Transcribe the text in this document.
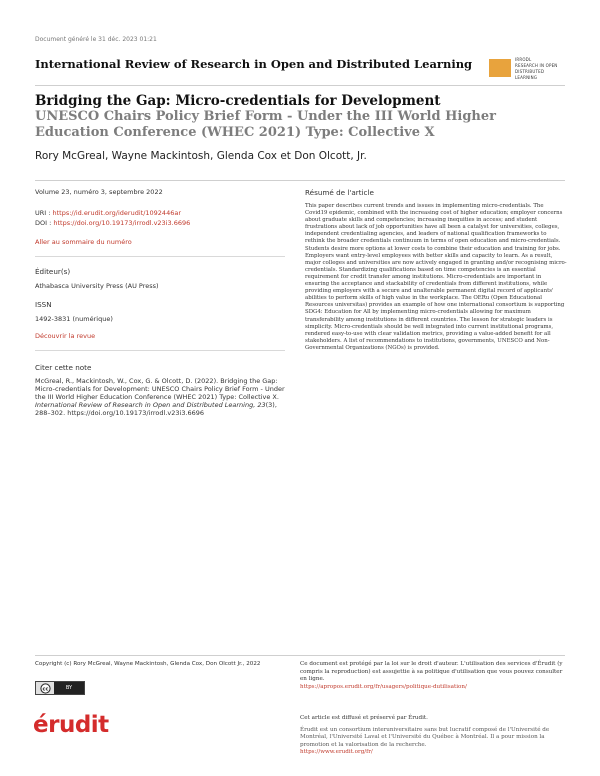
Document généré le 31 déc. 2023 01:21
International Review of Research in Open and Distributed Learning	IRRODL
RESEARCH IN OPEN
DISTRIBUTED
LEARNING
Bridging the Gap: Micro-credentials for Development
UNESCO Chairs Policy Brief Form - Under the III World Higher Education Conference (WHEC 2021) Type: Collective X
Rory McGreal, Wayne Mackintosh, Glenda Cox et Don Olcott, Jr.
Volume 23, numéro 3, septembre 2022
URI : https://id.erudit.org/iderudit/1092446ar
DOI : https://doi.org/10.19173/irrodl.v23i3.6696
Aller au sommaire du numéro
Éditeur(s)
Athabasca University Press (AU Press)
ISSN
1492-3831 (numérique)
Découvrir la revue
Citer cette note
McGreal, R., Mackintosh, W., Cox, G. & Olcott, D. (2022). Bridging the Gap: Micro-credentials for Development: UNESCO Chairs Policy Brief Form - Under the III World Higher Education Conference (WHEC 2021) Type: Collective X. International Review of Research in Open and Distributed Learning, 23(3), 288–302. https://doi.org/10.19173/irrodl.v23i3.6696
Résumé de l'article
This paper describes current trends and issues in implementing micro-credentials. The Covid19 epidemic, combined with the increasing cost of higher education; employer concerns about graduate skills and competencies; increasing inequities in access; and student frustrations about lack of job opportunities have all been a catalyst for universities, colleges, independent credentialing agencies, and leaders of national qualification frameworks to rethink the broader credentials continuum in terms of open education and micro-credentials. Students desire more options at lower costs to combine their education and training for jobs. Employers want entry-level employees with better skills and capacity to learn. As a result, major colleges and universities are now actively engaged in granting and/or recognising micro-credentials. Standardizing qualifications based on time competencies is an essential requirement for credit transfer among institutions. Micro-credentials are important in ensuring the acceptance and stackability of credentials from different institutions, while providing employers with a secure and unalterable permanent digital record of applicants' abilities to perform skills of high value in the workplace. The OERu (Open Educational Resources universitas) provides an example of how one international consortium is supporting SDG4: Education for All by implementing micro-credentials allowing for maximum transferability among institutions in different countries. The lesson for strategic leaders is simplicity. Micro-credentials should be well integrated into current institutional programs, rendered easy-to-use with clear validation metrics, providing a value-added benefit for all stakeholders. A list of recommendations to institutions, governments, UNESCO and Non-Governmental Organizations (NGOs) is provided.
Copyright (c) Rory McGreal, Wayne Mackintosh, Glenda Cox, Don Olcott Jr., 2022
cc	BY
Ce document est protégé par la loi sur le droit d'auteur. L'utilisation des services d'Érudit (y compris la reproduction) est assujettie à sa politique d'utilisation que vous pouvez consulter en ligne.
https://apropos.erudit.org/fr/usagers/politique-dutilisation/
érudit	Cet article est diffusé et préservé par Érudit.
Érudit est un consortium interuniversitaire sans but lucratif composé de l'Université de Montréal, l'Université Laval et l'Université du Québec à Montréal. Il a pour mission la promotion et la valorisation de la recherche.
https://www.erudit.org/fr/
